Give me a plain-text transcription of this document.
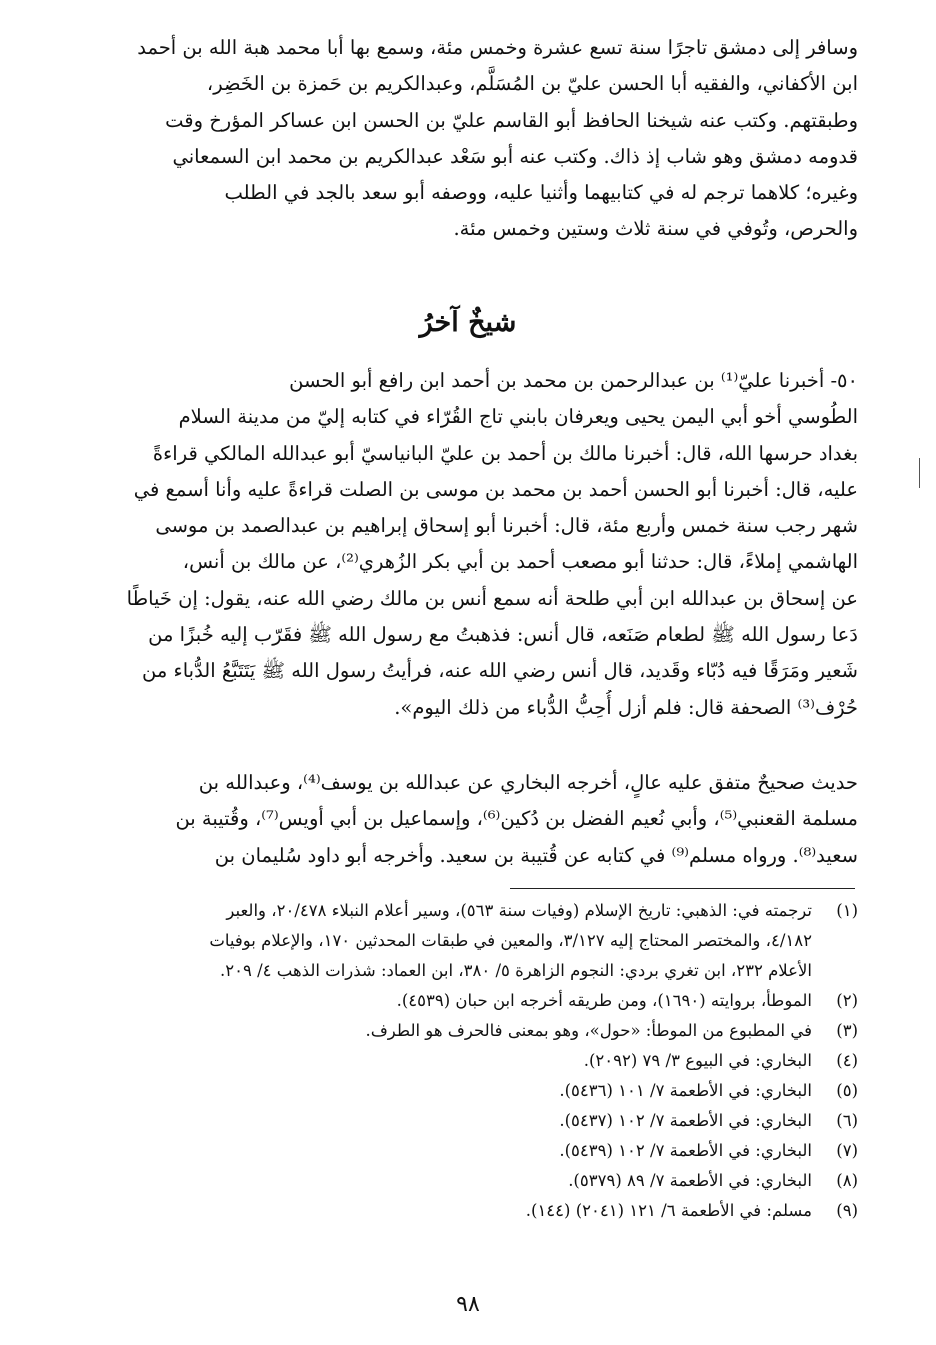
وسافر إلى دمشق تاجرًا سنة تسع عشرة وخمس مئة، وسمع بها أبا محمد هبة الله بن أحمد
ابن الأكفاني، والفقيه أبا الحسن عليّ بن المُسَلَّم، وعبدالكريم بن حَمزة بن الخَضِر،
وطبقتهم. وكتب عنه شيخنا الحافظ أبو القاسم عليّ بن الحسن ابن عساكر المؤرخ وقت
قدومه دمشق وهو شاب إذ ذاك. وكتب عنه أبو سَعْد عبدالكريم بن محمد ابن السمعاني
وغيره؛ كلاهما ترجم له في كتابيهما وأثنيا عليه، ووصفه أبو سعد بالجد في الطلب
والحرص، وتُوفي في سنة ثلاث وستين وخمس مئة.
شيخٌ آخرُ
٥٠- أخبرنا عليّ⁽¹⁾ بن عبدالرحمن بن محمد بن أحمد ابن رافع أبو الحسن
الطُوسي أخو أبي اليمن يحيى ويعرفان بابني تاج القُرّاء في كتابه إليّ من مدينة السلام
بغداد حرسها الله، قال: أخبرنا مالك بن أحمد بن عليّ البانياسيّ أبو عبدالله المالكي قراءةً
عليه، قال: أخبرنا أبو الحسن أحمد بن محمد بن موسى بن الصلت قراءةً عليه وأنا أسمع في
شهر رجب سنة خمس وأربع مئة، قال: أخبرنا أبو إسحاق إبراهيم بن عبدالصمد بن موسى
الهاشمي إملاءً، قال: حدثنا أبو مصعب أحمد بن أبي بكر الزُهري⁽²⁾، عن مالك بن أنس،
عن إسحاق بن عبدالله ابن أبي طلحة أنه سمع أنس بن مالك رضي الله عنه، يقول: إن خَياطًا
دَعا رسول الله ﷺ لطعام صَنَعه، قال أنس: فذهبتُ مع رسول الله ﷺ فقَرّب إليه خُبزًا من
شَعير ومَرَقًا فيه دُبّاء وقَديد، قال أنس رضي الله عنه، فرأيتُ رسول الله ﷺ يَتَتَبَّعُ الدُّباء من
حُرْف⁽³⁾ الصحفة قال: فلم أزل أُحِبُّ الدُّباء من ذلك اليوم».
حديث صحيحٌ متفق عليه عالٍ، أخرجه البخاري عن عبدالله بن يوسف⁽⁴⁾، وعبدالله بن
مسلمة القعنبي⁽⁵⁾، وأبي نُعيم الفضل بن دُكين⁽⁶⁾، وإسماعيل بن أبي أويس⁽⁷⁾، وقُتيبة بن
سعيد⁽⁸⁾. ورواه مسلم⁽⁹⁾ في كتابه عن قُتيبة بن سعيد. وأخرجه أبو داود سُليمان بن
(١)
ترجمته في: الذهبي: تاريخ الإسلام (وفيات سنة ٥٦٣)، وسير أعلام النبلاء ٢٠/٤٧٨، والعبر
٤/١٨٢، والمختصر المحتاج إليه ٣/١٢٧، والمعين في طبقات المحدثين ١٧٠، والإعلام بوفيات
الأعلام ٢٣٢، ابن تغري بردي: النجوم الزاهرة ٥/ ٣٨٠، ابن العماد: شذرات الذهب ٤/ ٢٠٩.
(٢)
الموطأ، بروايته (١٦٩٠)، ومن طريقه أخرجه ابن حبان (٤٥٣٩).
(٣)
في المطبوع من الموطأ: «حول»، وهو بمعنى فالحرف هو الطرف.
(٤)
البخاري: في البيوع ٣/ ٧٩ (٢٠٩٢).
(٥)
البخاري: في الأطعمة ٧/ ١٠١ (٥٤٣٦).
(٦)
البخاري: في الأطعمة ٧/ ١٠٢ (٥٤٣٧).
(٧)
البخاري: في الأطعمة ٧/ ١٠٢ (٥٤٣٩).
(٨)
البخاري: في الأطعمة ٧/ ٨٩ (٥٣٧٩).
(٩)
مسلم: في الأطعمة ٦/ ١٢١ (٢٠٤١) (١٤٤).
٩٨
